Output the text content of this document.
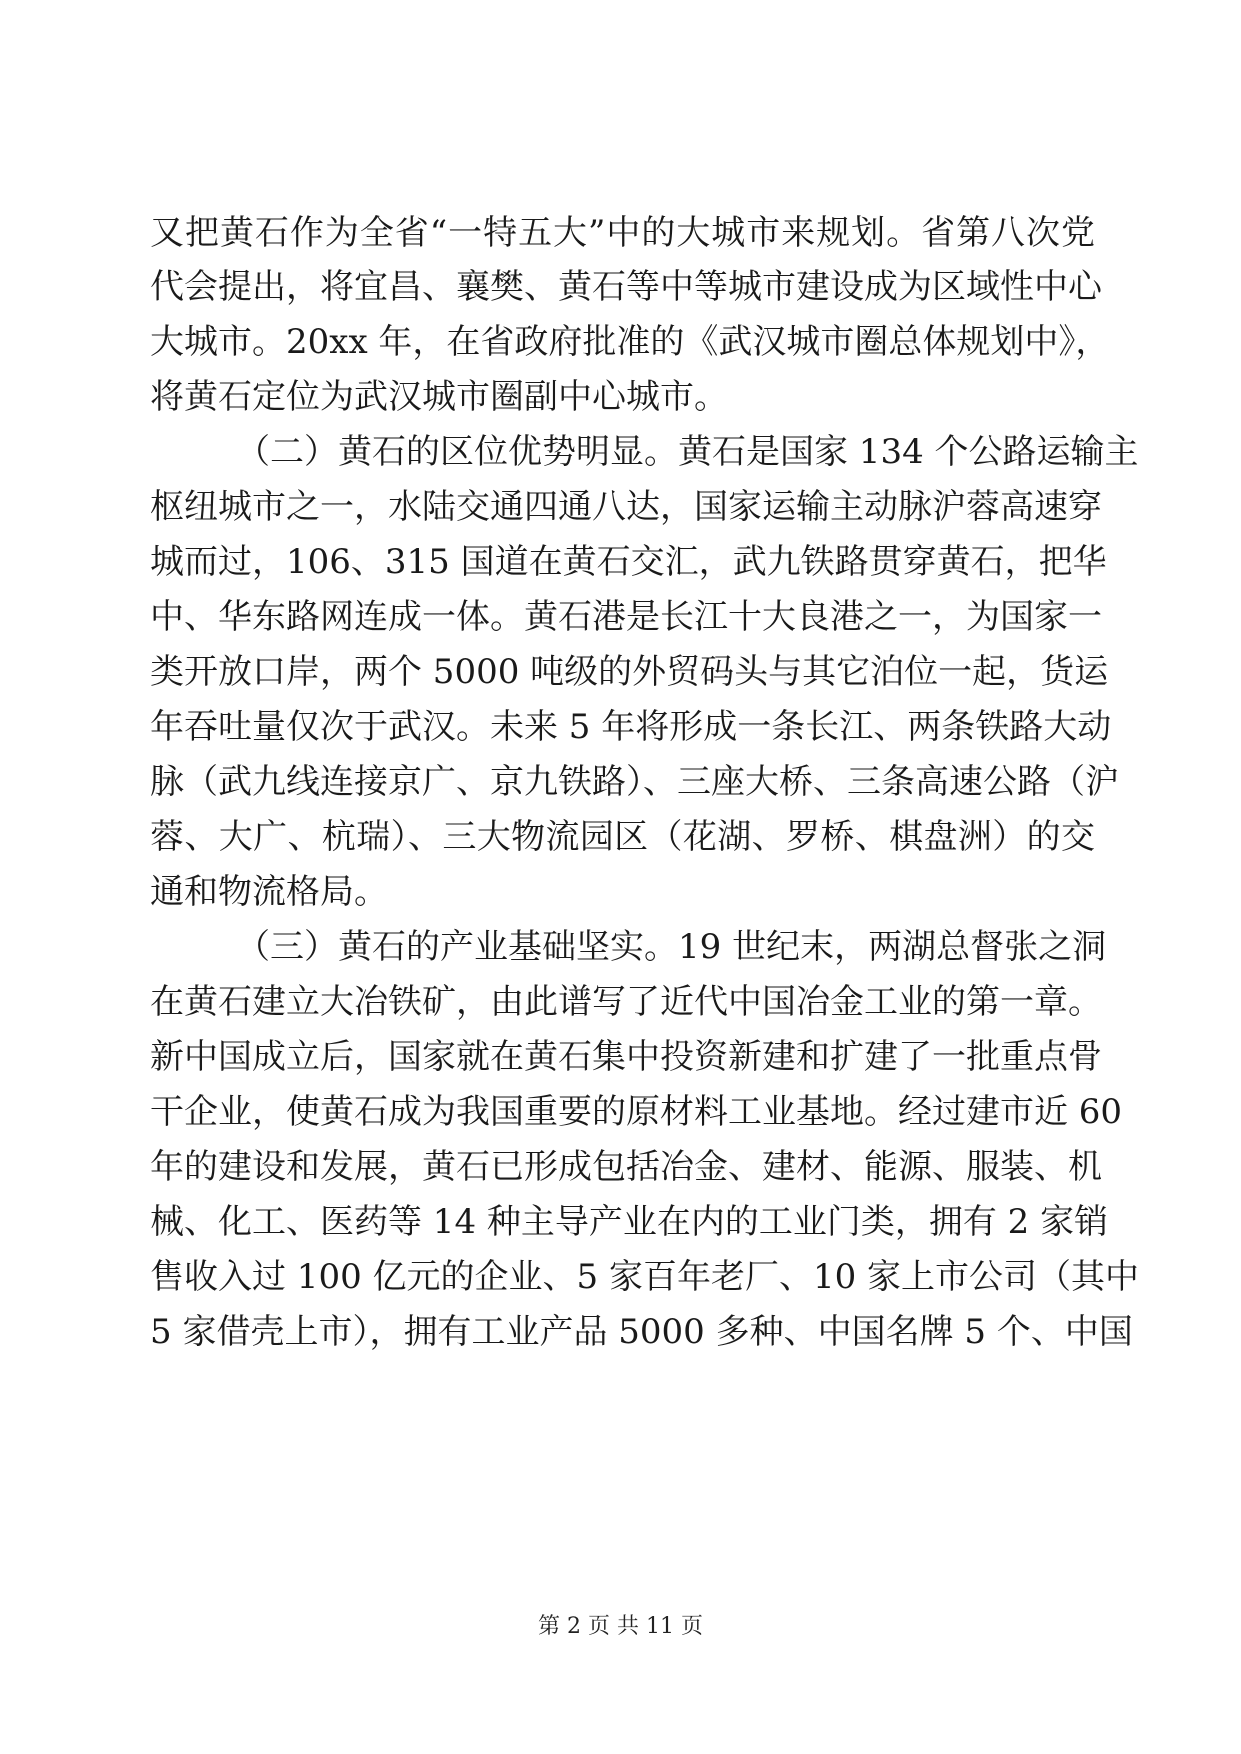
又把黄石作为全省“一特五大”中的大城市来规划。省第八次党
代会提出，将宜昌、襄樊、黄石等中等城市建设成为区域性中心
大城市。20xx 年，在省政府批准的《武汉城市圈总体规划中》，
将黄石定位为武汉城市圈副中心城市。
（二）黄石的区位优势明显。黄石是国家 134 个公路运输主
枢纽城市之一，水陆交通四通八达，国家运输主动脉沪蓉高速穿
城而过，106、315 国道在黄石交汇，武九铁路贯穿黄石，把华
中、华东路网连成一体。黄石港是长江十大良港之一，为国家一
类开放口岸，两个 5000 吨级的外贸码头与其它泊位一起，货运
年吞吐量仅次于武汉。未来 5 年将形成一条长江、两条铁路大动
脉（武九线连接京广、京九铁路）、三座大桥、三条高速公路（沪
蓉、大广、杭瑞）、三大物流园区（花湖、罗桥、棋盘洲）的交
通和物流格局。
（三）黄石的产业基础坚实。19 世纪末，两湖总督张之洞
在黄石建立大冶铁矿，由此谱写了近代中国冶金工业的第一章。
新中国成立后，国家就在黄石集中投资新建和扩建了一批重点骨
干企业，使黄石成为我国重要的原材料工业基地。经过建市近 60
年的建设和发展，黄石已形成包括冶金、建材、能源、服装、机
械、化工、医药等 14 种主导产业在内的工业门类，拥有 2 家销
售收入过 100 亿元的企业、5 家百年老厂、10 家上市公司（其中
5 家借壳上市），拥有工业产品 5000 多种、中国名牌 5 个、中国
第 2 页 共 11 页
